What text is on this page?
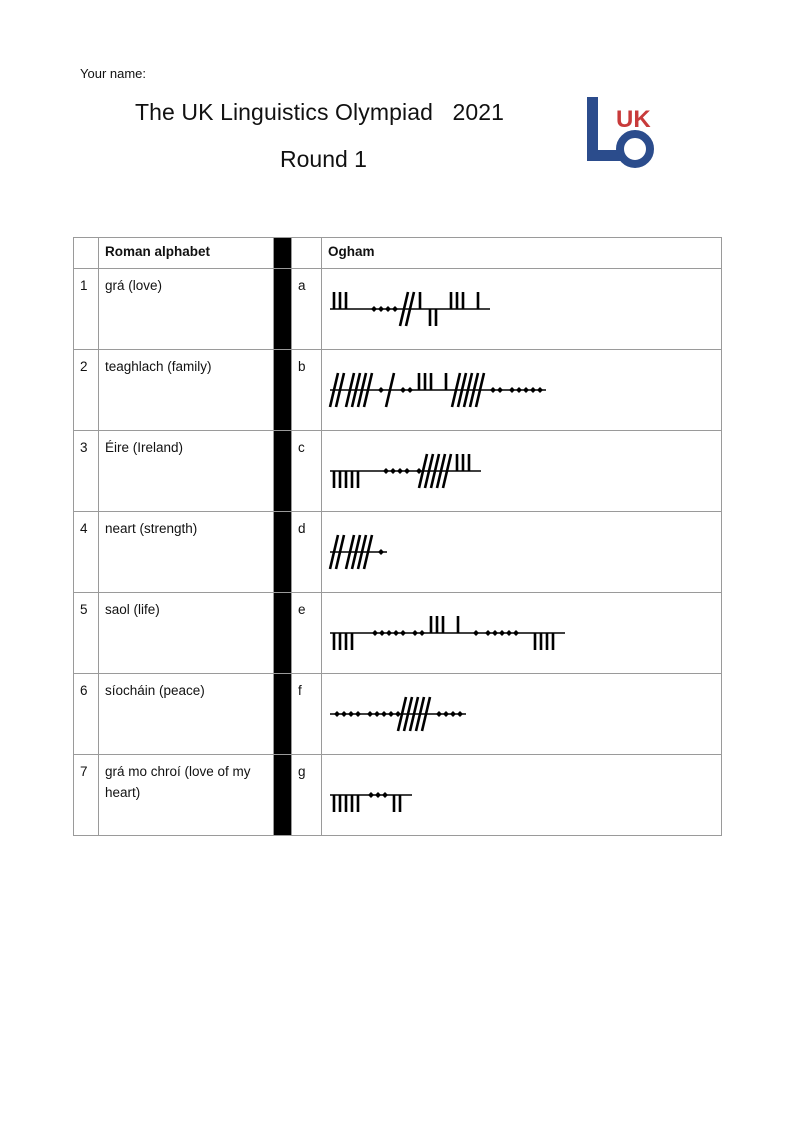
Your name:
The UK Linguistics Olympiad   2021
Round 1
UK
	Roman alphabet			Ogham
1	grá (love)		a	

2	teaghlach (family)		b	

3	Éire (Ireland)		c	

4	neart (strength)		d	

5	saol (life)		e	

6	síocháin (peace)		f	

7	grá mo chroí (love of my heart)		g	
